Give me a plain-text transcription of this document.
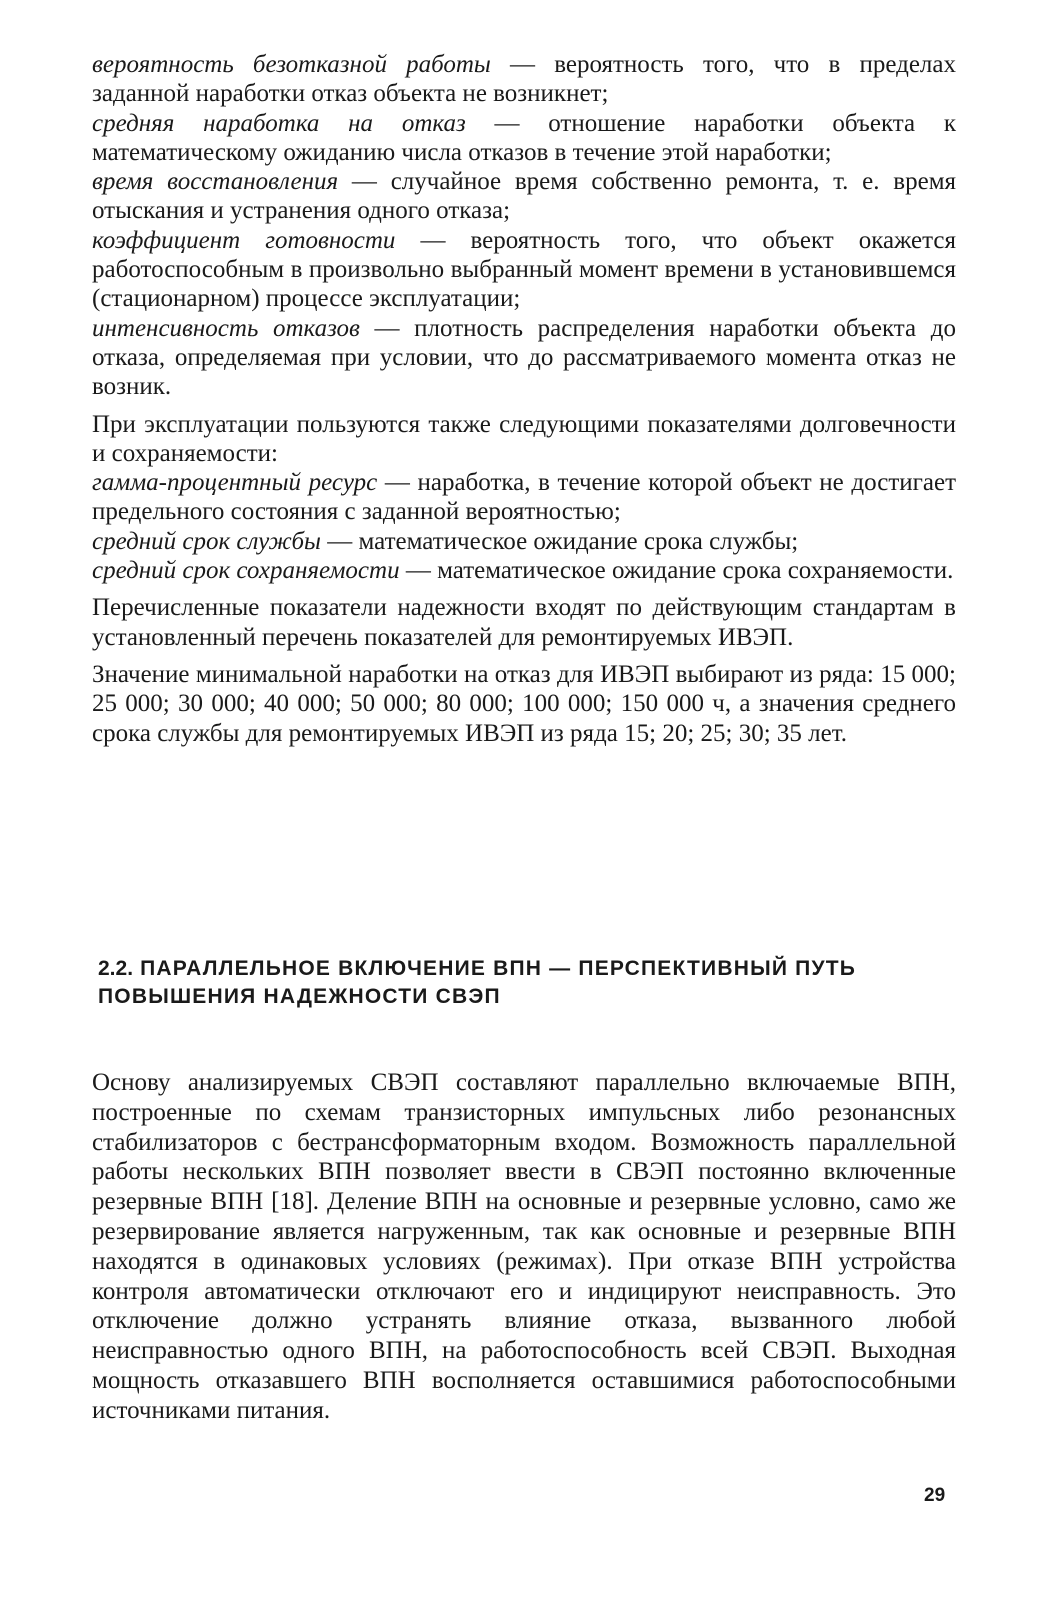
вероятность безотказной работы — вероятность того, что в пределах заданной наработки отказ объекта не возникнет;

средняя наработка на отказ — отношение наработки объекта к математическому ожиданию числа отказов в течение этой наработки;

время восстановления — случайное время собственно ремонта, т. е. время отыскания и устранения одного отказа;

коэффициент готовности — вероятность того, что объект окажется работоспособным в произвольно выбранный момент времени в установившемся (стационарном) процессе эксплуатации;

интенсивность отказов — плотность распределения наработки объекта до отказа, определяемая при условии, что до рассматриваемого момента отказ не возник.

При эксплуатации пользуются также следующими показателями долговечности и сохраняемости:

гамма-процентный ресурс — наработка, в течение которой объект не достигает предельного состояния с заданной вероятностью;

средний срок службы — математическое ожидание срока службы;

средний срок сохраняемости — математическое ожидание срока сохраняемости.

Перечисленные показатели надежности входят по действующим стандартам в установленный перечень показателей для ремонтируемых ИВЭП.

Значение минимальной наработки на отказ для ИВЭП выбирают из ряда: 15 000; 25 000; 30 000; 40 000; 50 000; 80 000; 100 000; 150 000 ч, а значения среднего срока службы для ремонтируемых ИВЭП из ряда 15; 20; 25; 30; 35 лет.

2.2. ПАРАЛЛЕЛЬНОЕ ВКЛЮЧЕНИЕ ВПН — ПЕРСПЕКТИВНЫЙ ПУТЬ ПОВЫШЕНИЯ НАДЕЖНОСТИ СВЭП

Основу анализируемых СВЭП составляют параллельно включаемые ВПН, построенные по схемам транзисторных импульсных либо резонансных стабилизаторов с бестрансформаторным входом. Возможность параллельной работы нескольких ВПН позволяет ввести в СВЭП постоянно включенные резервные ВПН [18]. Деление ВПН на основные и резервные условно, само же резервирование является нагруженным, так как основные и резервные ВПН находятся в одинаковых условиях (режимах). При отказе ВПН устройства контроля автоматически отключают его и индицируют неисправность. Это отключение должно устранять влияние отказа, вызванного любой неисправностью одного ВПН, на работоспособность всей СВЭП. Выходная мощность отказавшего ВПН восполняется оставшимися работоспособными источниками питания.

29
